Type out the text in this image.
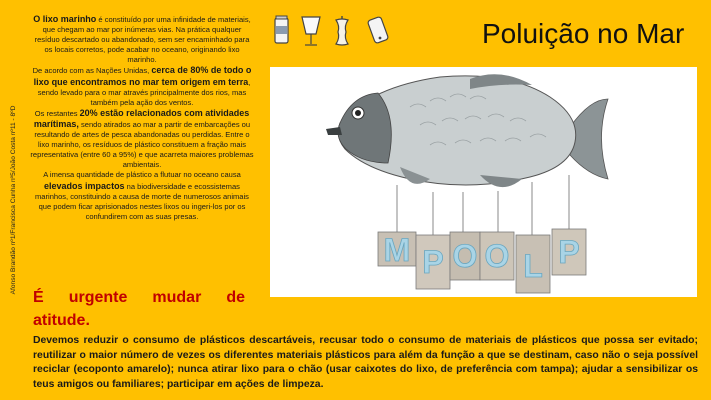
Afonso Brandão nº1/Francisca Cunha nº5/João Costa nº11 - 8ºD
O lixo marinho é constituído por uma infinidade de materiais, que chegam ao mar por inúmeras vias. Na prática qualquer resíduo descartado ou abandonado, sem ser encaminhado para os locais corretos, pode acabar no oceano, originando lixo marinho.
De acordo com as Nações Unidas, cerca de 80% de todo o lixo que encontramos no mar tem origem em terra, sendo levado para o mar através principalmente dos rios, mas também pela ação dos ventos.
Os restantes 20% estão relacionados com atividades marítimas, sendo atirados ao mar a partir de embarcações ou resultando de artes de pesca abandonadas ou perdidas. Entre o lixo marinho, os resíduos de plástico constituem a fração mais representativa (entre 60 a 95%) e que acarreta maiores problemas ambientais.
A imensa quantidade de plástico a flutuar no oceano causa elevados impactos na biodiversidade e ecossistemas marinhos, constituindo a causa de morte de numerosos animais que podem ficar aprisionados nestes lixos ou ingeri-los por os confundirem com as suas presas.
É urgente mudar de
atitude.
Devemos reduzir o consumo de plásticos descartáveis, recusar todo o consumo de materiais de plásticos que possa ser evitado; reutilizar o maior número de vezes os diferentes materiais plásticos para além da função a que se destinam, caso não o seja possível reciclar (ecoponto amarelo); nunca atirar lixo para o chão (usar caixotes do lixo, de preferência com tampa); ajudar a sensibilizar os teus amigos ou familiares; participar em ações de limpeza.
Poluição no Mar
M P O O L P
